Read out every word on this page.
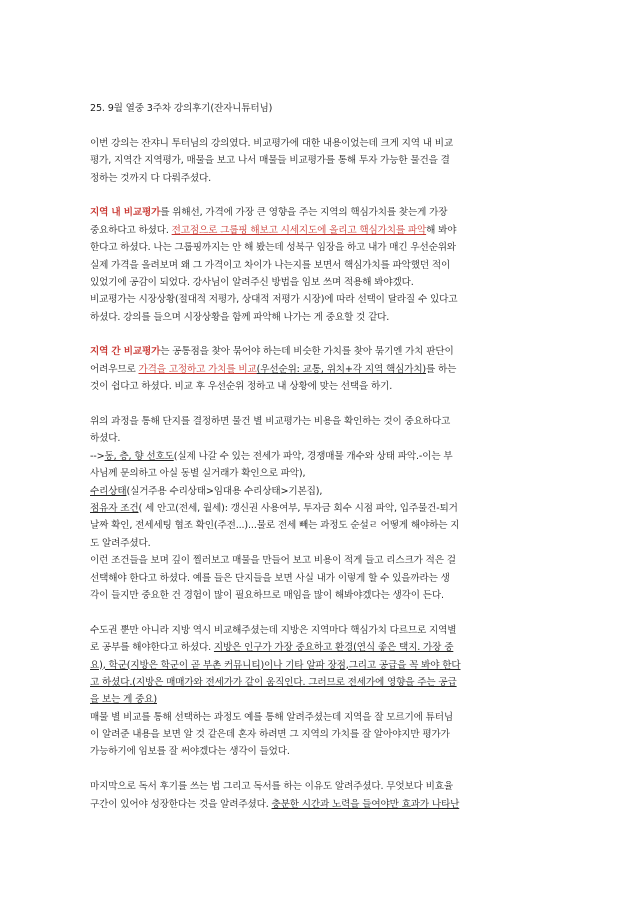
25. 9월 열중 3주차 강의후기(잔자니튜터님)
이번 강의는 잔쟈니 투터님의 강의였다. 비교평가에 대한 내용이었는데 크게 지역 내 비교
평가, 지역간 지역평가, 매물을 보고 나서 매물들 비교평가를 통해 투자 가능한 물건을 결
정하는 것까지 다 다뤄주셨다.
지역 내 비교평가를 위해선, 가격에 가장 큰 영향을 주는 지역의 핵심가치를 찾는게 가장
중요하다고 하셨다. 전고점으로 그룹핑 해보고 시세지도에 올리고 핵심가치를 파악해 봐야
한다고 하셨다. 나는 그룹핑까지는 안 해 봤는데 성북구 임장을 하고 내가 매긴 우선순위와
실제 가격을 올려보며 왜 그 가격이고 차이가 나는지를 보면서 핵심가치를 파악했던 적이
있었기에 공감이 되었다. 강사님이 알려주신 방법을 임보 쓰며 적용해 봐야겠다.
비교평가는 시장상황(절대적 저평가, 상대적 저평가 시장)에 따라 선택이 달라질 수 있다고
하셨다. 강의를 들으며 시장상황을 함께 파악해 나가는 게 중요할 것 같다.
지역 간 비교평가는 공통점을 찾아 묶어야 하는데 비슷한 가치를 찾아 묶기엔 가치 판단이
어려우므로 가격을 고정하고 가치를 비교(우선순위: 교통, 위치+각 지역 핵심가치)를 하는
것이 쉽다고 하셨다. 비교 후 우선순위 정하고 내 상황에 맞는 선택을 하기.
위의 과정을 통해 단지를 결정하면 물건 별 비교평가는 비용을 확인하는 것이 중요하다고
하셨다.
-->동, 층, 향 선호도(실제 나갈 수 있는 전세가 파악, 경쟁매물 개수와 상태 파악.-이는 부
사님께 문의하고 아실 동별 실거래가 확인으로 파악),
수리상태(실거주용 수리상태>임대용 수리상태>기본집),
점유자 조건( 세 안고(전세, 월세): 갱신권 사용여부, 투자금 회수 시점 파악, 입주물건-퇴거
날짜 확인, 전세세팅 협조 확인(주전...)...물로 전세 빼는 과정도 순설ㄹ 어떻게 해야하는 지
도 알려주셨다.
이런 조건들을 보며 깊이 찔러보고 매물을 만들어 보고 비용이 적게 들고 리스크가 적은 걸
선택해야 한다고 하셨다. 예를 들은 단지들을 보면 사실 내가 이렇게 할 수 있을까라는 생
각이 들지만 중요한 건 경험이 많이 필요하므로 매임을 많이 해봐야겠다는 생각이 든다.
수도권 뿐만 아니라 지방 역시 비교해주셨는데 지방은 지역마다 핵심가치 다르므로 지역별
로 공부를 해야한다고 하셨다. 지방은 인구가 가장 중요하고 환경(연식 좋은 택지. 가장 중
요), 학군(지방은 학군이 곧 부촌 커뮤니티)이나 기타 알파 장점,그리고 공급을 꼭 봐야 한다
고 하셨다.(지방은 매매가와 전세가가 같이 움직인다. 그러므로 전세가에 영향을 주는 공급
을 보는 게 중요)
매물 별 비교를 통해 선택하는 과정도 예를 통해 알려주셨는데 지역을 잘 모르기에 튜터님
이 알려준 내용을 보면 알 것 같은데 혼자 하려면 그 지역의 가치를 잘 알아야지만 평가가
가능하기에 임보를 잘 써야겠다는 생각이 들었다.
마지막으로 독서 후기를 쓰는 법 그리고 독서를 하는 이유도 알려주셨다. 무엇보다 비효율
구간이 있어야 성장한다는 것을 알려주셨다. 충분한 시간과 노력을 들여야만 효과가 나타난
